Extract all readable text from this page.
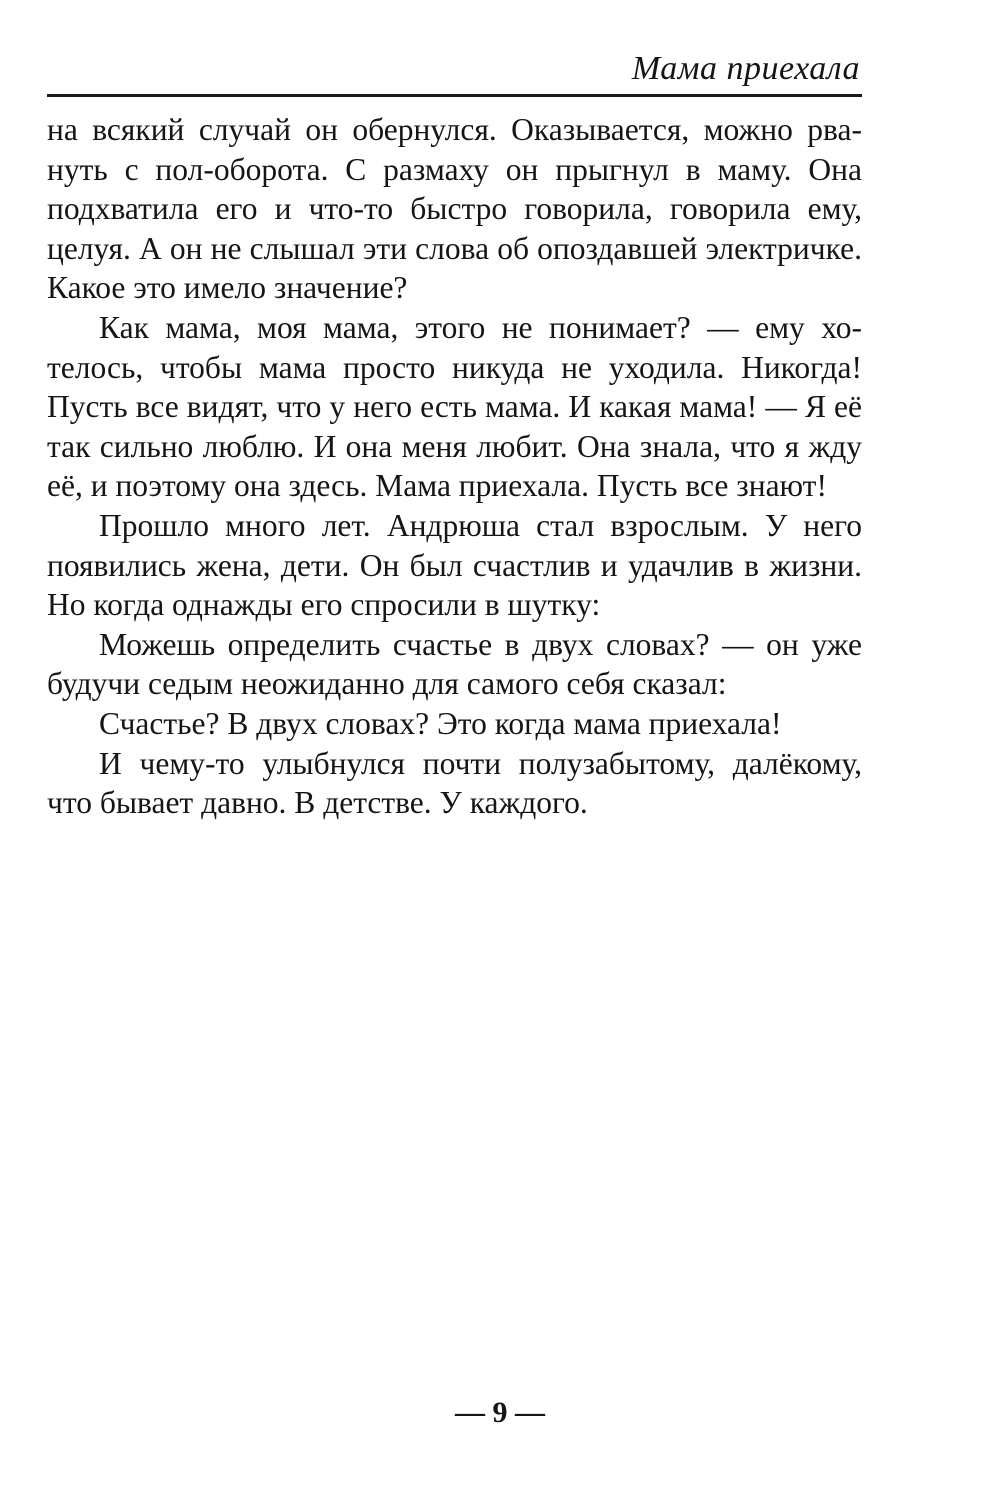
Мама приехала

на всякий случай он обернулся. Оказывается, можно рвануть с пол-оборота. С размаху он прыгнул в маму. Она подхватила его и что-то быстро говорила, говорила ему, целуя. А он не слышал эти слова об опоздавшей электричке. Какое это имело значение?

Как мама, моя мама, этого не понимает? — ему хотелось, чтобы мама просто никуда не уходила. Никогда! Пусть все видят, что у него есть мама. И какая мама! — Я её так сильно люблю. И она меня любит. Она знала, что я жду её, и поэтому она здесь. Мама приехала. Пусть все знают!

Прошло много лет. Андрюша стал взрослым. У него появились жена, дети. Он был счастлив и удачлив в жизни. Но когда однажды его спросили в шутку:

Можешь определить счастье в двух словах? — он уже будучи седым неожиданно для самого себя сказал:

Счастье? В двух словах? Это когда мама приехала!

И чему-то улыбнулся почти полузабытому, далёкому, что бывает давно. В детстве. У каждого.

— 9 —
